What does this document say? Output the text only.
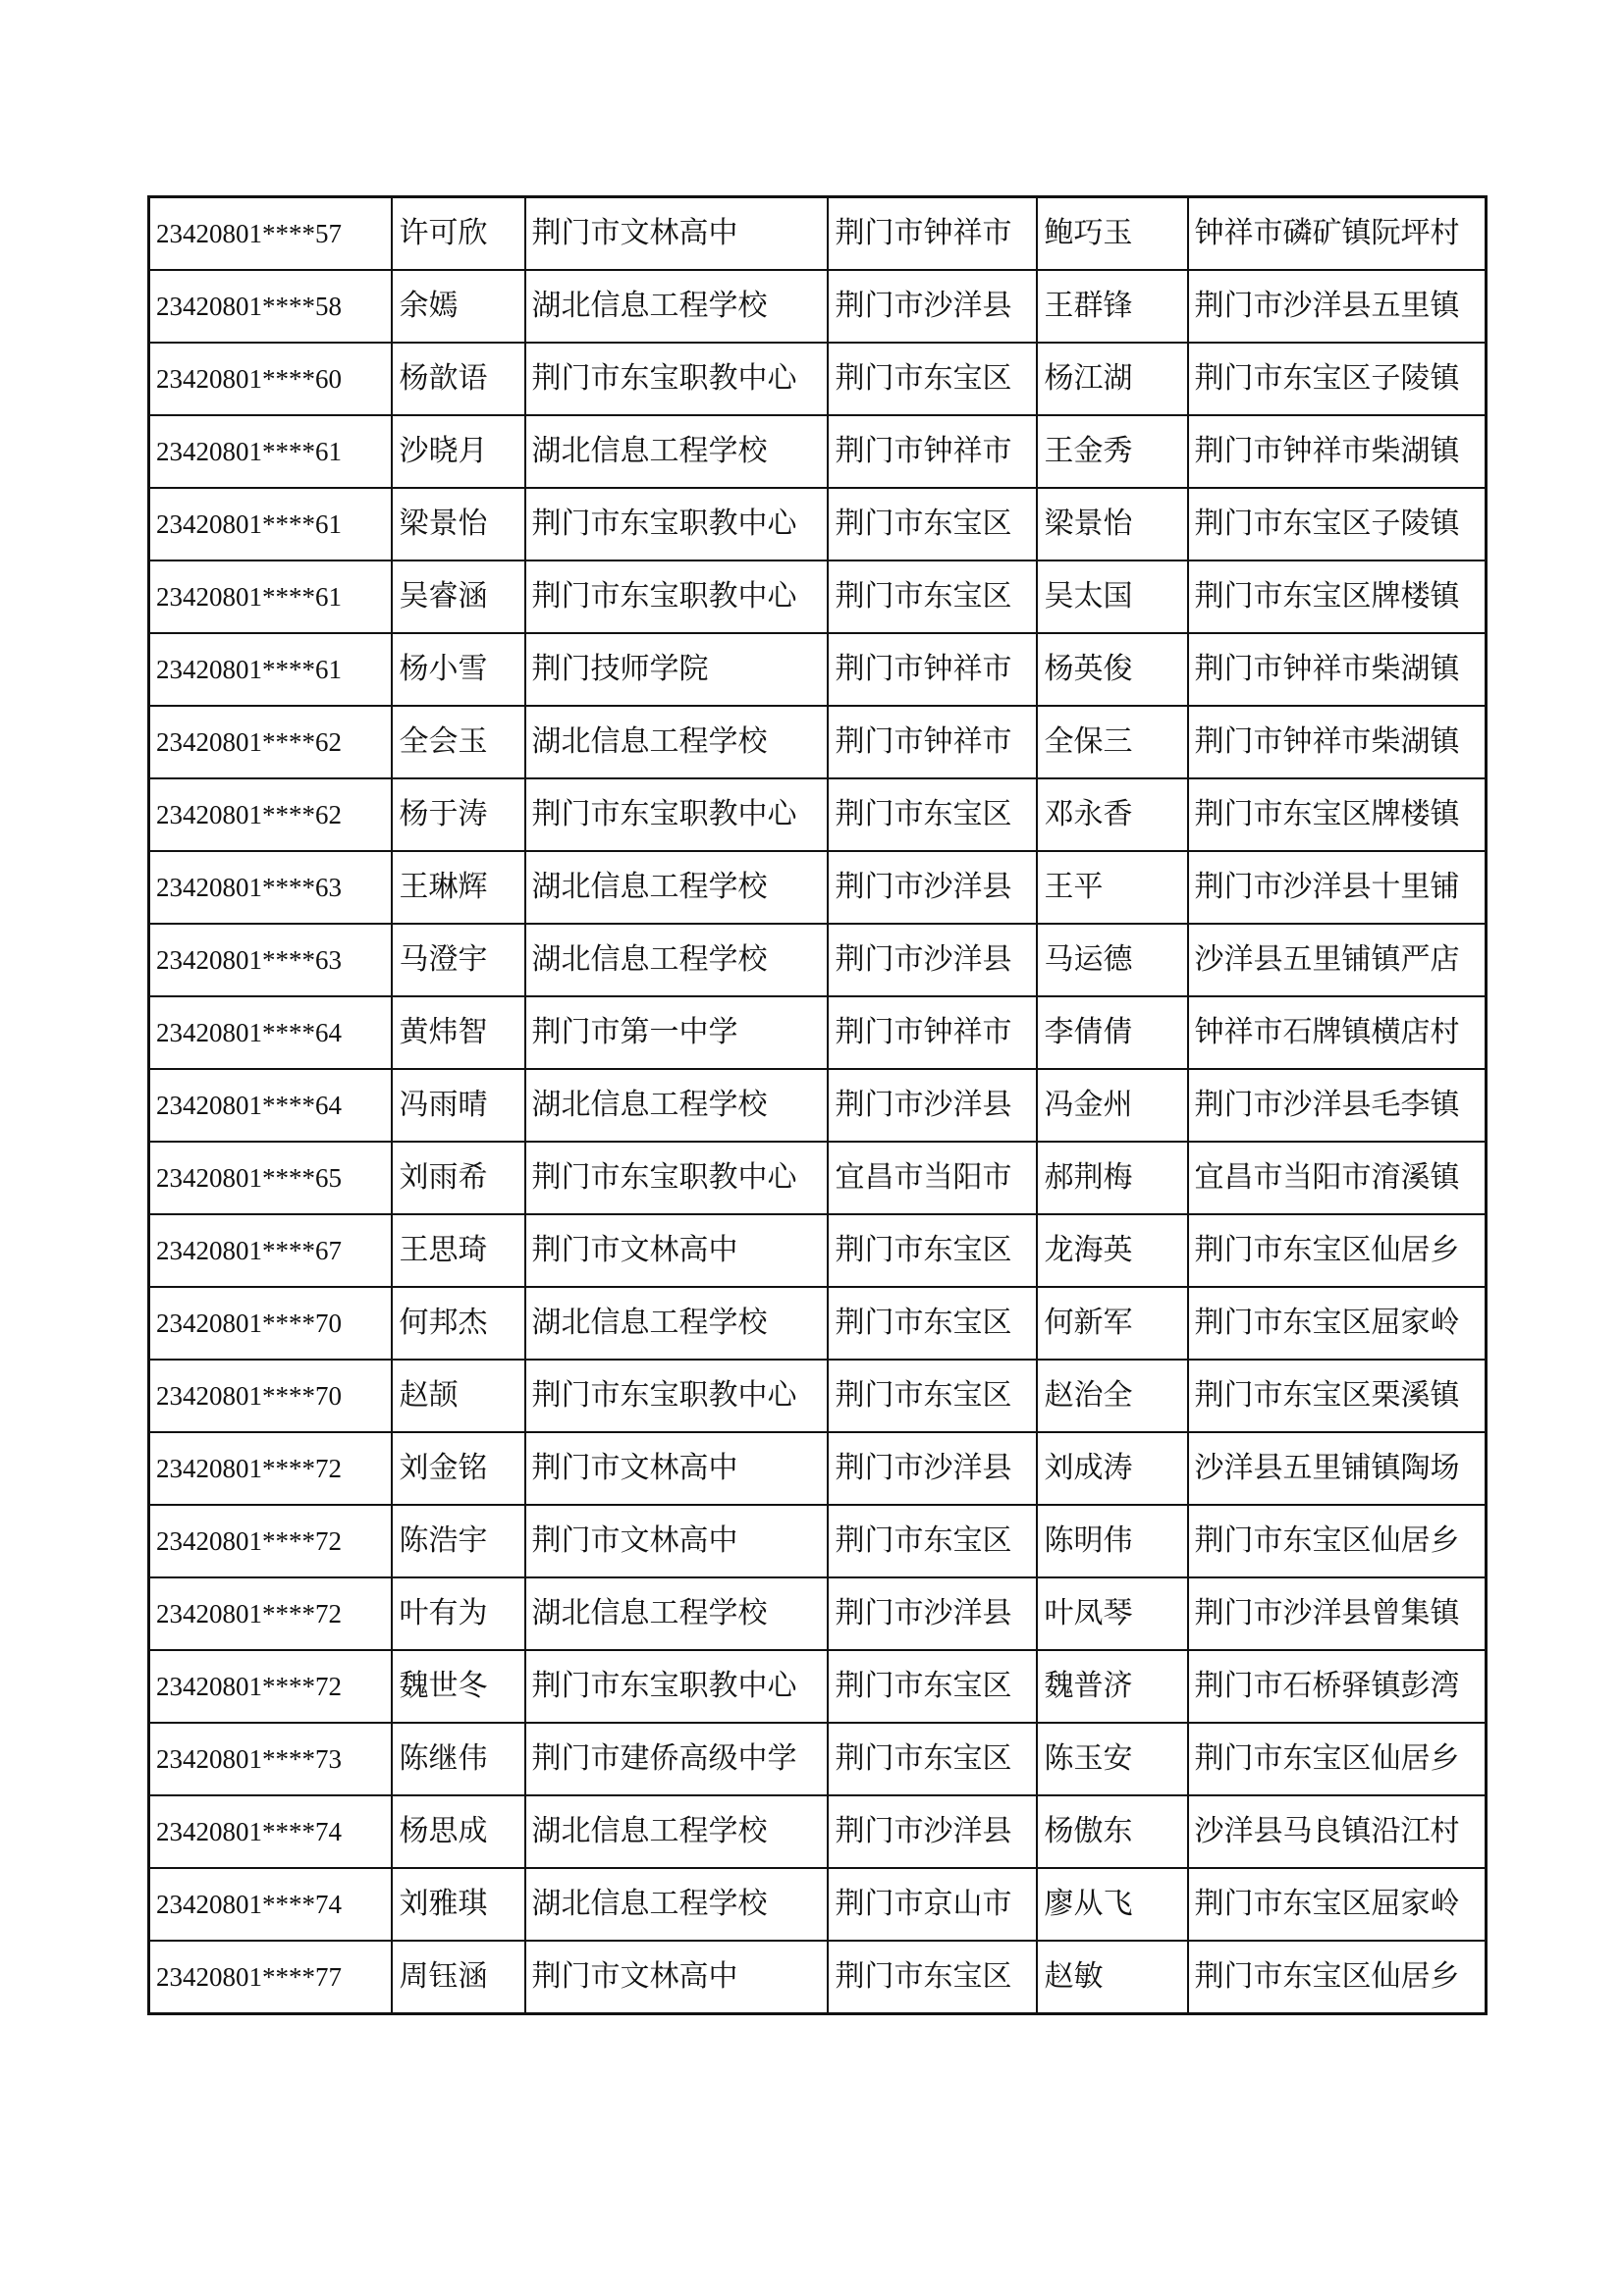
23420801****57	许可欣	荆门市文林高中	荆门市钟祥市	鲍巧玉	钟祥市磷矿镇阮坪村
23420801****58	余嫣	湖北信息工程学校	荆门市沙洋县	王群锋	荆门市沙洋县五里镇
23420801****60	杨歆语	荆门市东宝职教中心	荆门市东宝区	杨江湖	荆门市东宝区子陵镇
23420801****61	沙晓月	湖北信息工程学校	荆门市钟祥市	王金秀	荆门市钟祥市柴湖镇
23420801****61	梁景怡	荆门市东宝职教中心	荆门市东宝区	梁景怡	荆门市东宝区子陵镇
23420801****61	吴睿涵	荆门市东宝职教中心	荆门市东宝区	吴太国	荆门市东宝区牌楼镇
23420801****61	杨小雪	荆门技师学院	荆门市钟祥市	杨英俊	荆门市钟祥市柴湖镇
23420801****62	全会玉	湖北信息工程学校	荆门市钟祥市	全保三	荆门市钟祥市柴湖镇
23420801****62	杨于涛	荆门市东宝职教中心	荆门市东宝区	邓永香	荆门市东宝区牌楼镇
23420801****63	王琳辉	湖北信息工程学校	荆门市沙洋县	王平	荆门市沙洋县十里铺
23420801****63	马澄宇	湖北信息工程学校	荆门市沙洋县	马运德	沙洋县五里铺镇严店
23420801****64	黄炜智	荆门市第一中学	荆门市钟祥市	李倩倩	钟祥市石牌镇横店村
23420801****64	冯雨晴	湖北信息工程学校	荆门市沙洋县	冯金州	荆门市沙洋县毛李镇
23420801****65	刘雨希	荆门市东宝职教中心	宜昌市当阳市	郝荆梅	宜昌市当阳市淯溪镇
23420801****67	王思琦	荆门市文林高中	荆门市东宝区	龙海英	荆门市东宝区仙居乡
23420801****70	何邦杰	湖北信息工程学校	荆门市东宝区	何新军	荆门市东宝区屈家岭
23420801****70	赵颉	荆门市东宝职教中心	荆门市东宝区	赵治全	荆门市东宝区栗溪镇
23420801****72	刘金铭	荆门市文林高中	荆门市沙洋县	刘成涛	沙洋县五里铺镇陶场
23420801****72	陈浩宇	荆门市文林高中	荆门市东宝区	陈明伟	荆门市东宝区仙居乡
23420801****72	叶有为	湖北信息工程学校	荆门市沙洋县	叶凤琴	荆门市沙洋县曾集镇
23420801****72	魏世冬	荆门市东宝职教中心	荆门市东宝区	魏普济	荆门市石桥驿镇彭湾
23420801****73	陈继伟	荆门市建侨高级中学	荆门市东宝区	陈玉安	荆门市东宝区仙居乡
23420801****74	杨思成	湖北信息工程学校	荆门市沙洋县	杨傲东	沙洋县马良镇沿江村
23420801****74	刘雅琪	湖北信息工程学校	荆门市京山市	廖从飞	荆门市东宝区屈家岭
23420801****77	周钰涵	荆门市文林高中	荆门市东宝区	赵敏	荆门市东宝区仙居乡
